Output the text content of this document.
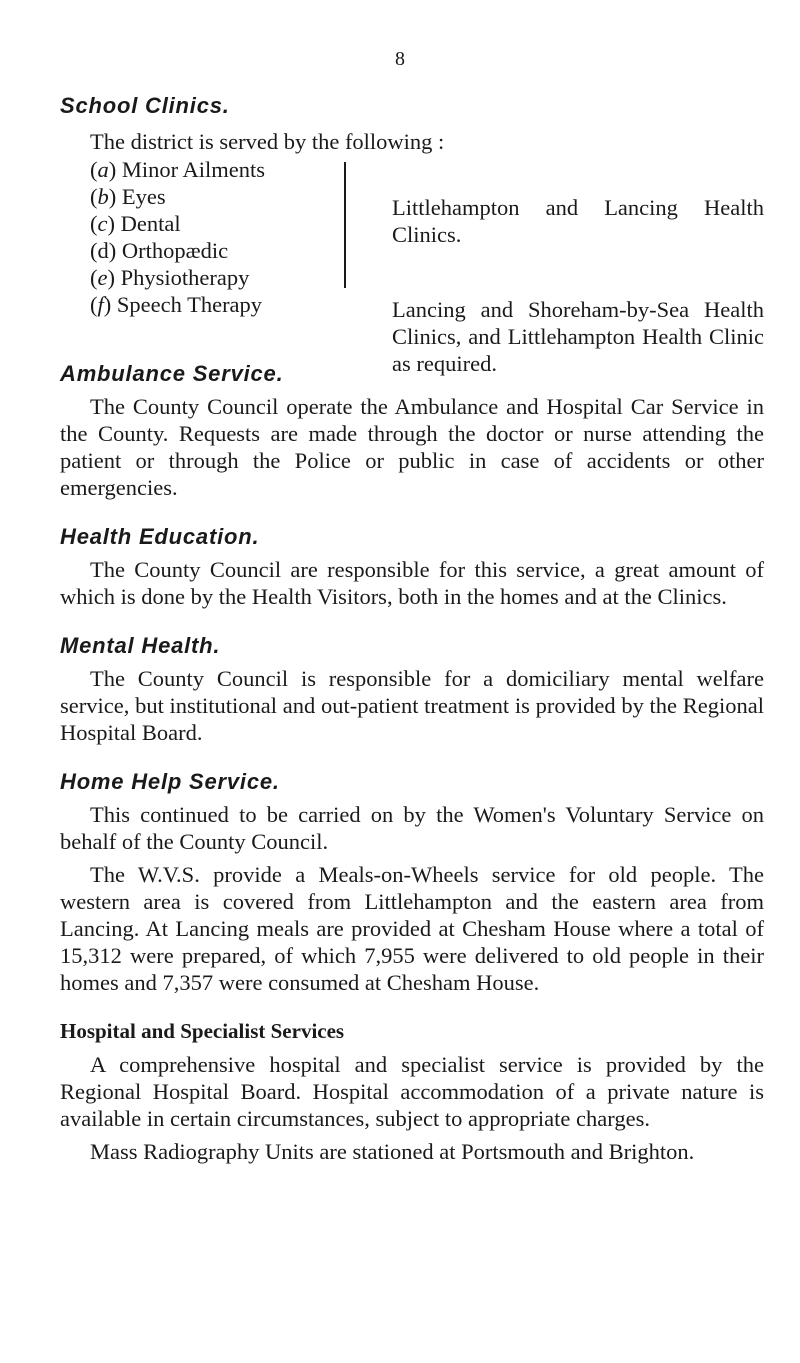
8
School Clinics.
The district is served by the following :
(a) Minor Ailments
(b) Eyes
(c) Dental
(d) Orthopædic
(e) Physiotherapy
(f) Speech Therapy

Littlehampton and Lancing Health Clinics.

Lancing and Shoreham-by-Sea Health Clinics, and Littlehampton Health Clinic as required.

Ambulance Service.

The County Council operate the Ambulance and Hospital Car Service in the County. Requests are made through the doctor or nurse attending the patient or through the Police or public in case of accidents or other emergencies.

Health Education.

The County Council are responsible for this service, a great amount of which is done by the Health Visitors, both in the homes and at the Clinics.

Mental Health.

The County Council is responsible for a domiciliary mental welfare service, but institutional and out-patient treatment is provided by the Regional Hospital Board.

Home Help Service.

This continued to be carried on by the Women's Voluntary Service on behalf of the County Council.

The W.V.S. provide a Meals-on-Wheels service for old people. The western area is covered from Littlehampton and the eastern area from Lancing. At Lancing meals are provided at Chesham House where a total of 15,312 were prepared, of which 7,955 were delivered to old people in their homes and 7,357 were consumed at Chesham House.

Hospital and Specialist Services

A comprehensive hospital and specialist service is provided by the Regional Hospital Board. Hospital accommodation of a private nature is available in certain circumstances, subject to appropriate charges.

Mass Radiography Units are stationed at Portsmouth and Brighton.
